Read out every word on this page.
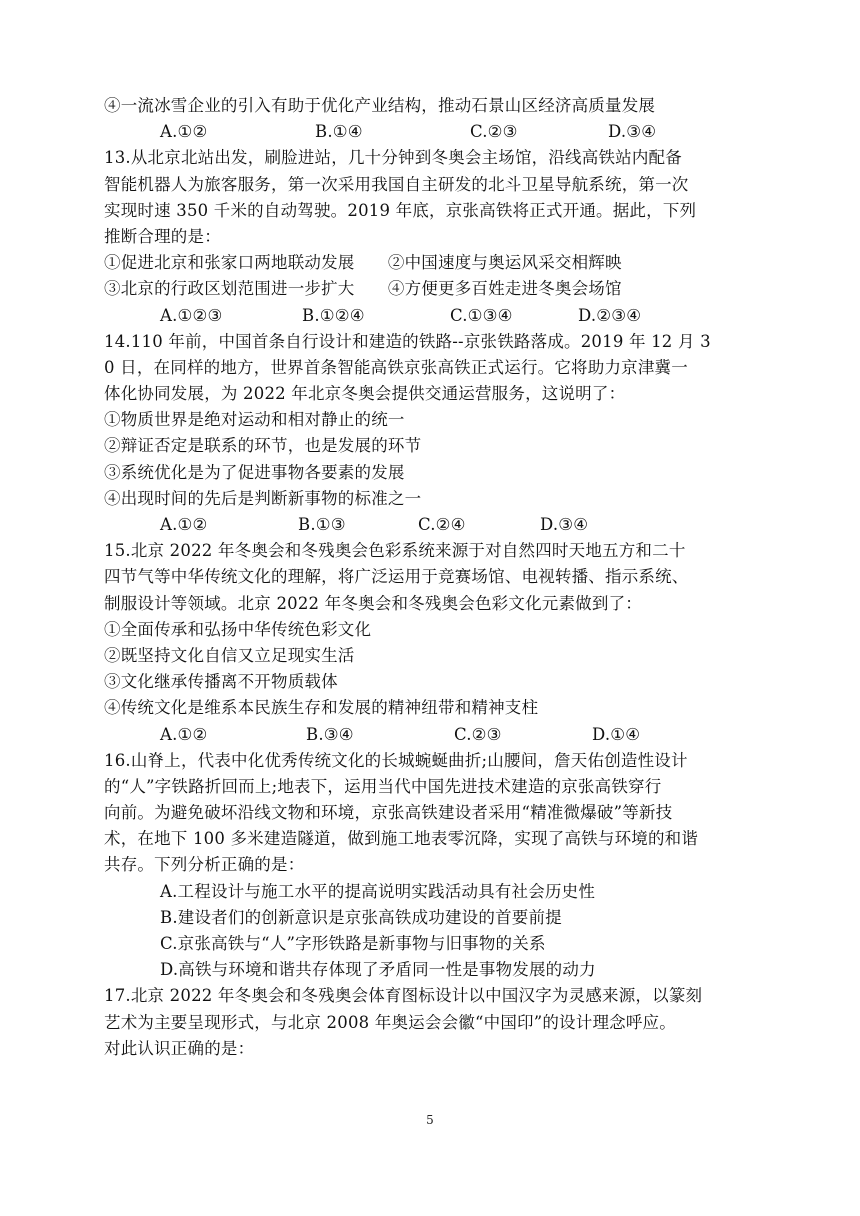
④一流冰雪企业的引入有助于优化产业结构，推动石景山区经济高质量发展
A.①②	B.①④	C.②③	D.③④
13.从北京北站出发，刷脸进站，几十分钟到冬奥会主场馆，沿线高铁站内配备
智能机器人为旅客服务，第一次采用我国自主研发的北斗卫星导航系统，第一次
实现时速 350 千米的自动驾驶。2019 年底，京张高铁将正式开通。据此，下列
推断合理的是：
①促进北京和张家口两地联动发展　　②中国速度与奥运风采交相辉映
③北京的行政区划范围进一步扩大　　④方便更多百姓走进冬奥会场馆
A.①②③	B.①②④	C.①③④	D.②③④
14.110 年前，中国首条自行设计和建造的铁路--京张铁路落成。2019 年 12 月 3
0 日，在同样的地方，世界首条智能高铁京张高铁正式运行。它将助力京津冀一
体化协同发展，为 2022 年北京冬奥会提供交通运营服务，这说明了：
①物质世界是绝对运动和相对静止的统一
②辩证否定是联系的环节，也是发展的环节
③系统优化是为了促进事物各要素的发展
④出现时间的先后是判断新事物的标准之一
A.①②	B.①③	C.②④	D.③④
15.北京 2022 年冬奥会和冬残奥会色彩系统来源于对自然四时天地五方和二十
四节气等中华传统文化的理解，将广泛运用于竞赛场馆、电视转播、指示系统、
制服设计等领域。北京 2022 年冬奥会和冬残奥会色彩文化元素做到了：
①全面传承和弘扬中华传统色彩文化
②既坚持文化自信又立足现实生活
③文化继承传播离不开物质载体
④传统文化是维系本民族生存和发展的精神纽带和精神支柱
A.①②	B.③④	C.②③	D.①④
16.山脊上，代表中化优秀传统文化的长城蜿蜒曲折;山腰间，詹天佑创造性设计
的“人”字铁路折回而上;地表下，运用当代中国先进技术建造的京张高铁穿行
向前。为避免破坏沿线文物和环境，京张高铁建设者采用“精准微爆破”等新技
术，在地下 100 多米建造隧道，做到施工地表零沉降，实现了高铁与环境的和谐
共存。下列分析正确的是：
A.工程设计与施工水平的提高说明实践活动具有社会历史性
B.建设者们的创新意识是京张高铁成功建设的首要前提
C.京张高铁与“人”字形铁路是新事物与旧事物的关系
D.高铁与环境和谐共存体现了矛盾同一性是事物发展的动力
17.北京 2022 年冬奥会和冬残奥会体育图标设计以中国汉字为灵感来源，以篆刻
艺术为主要呈现形式，与北京 2008 年奥运会会徽“中国印”的设计理念呼应。
对此认识正确的是：
5
